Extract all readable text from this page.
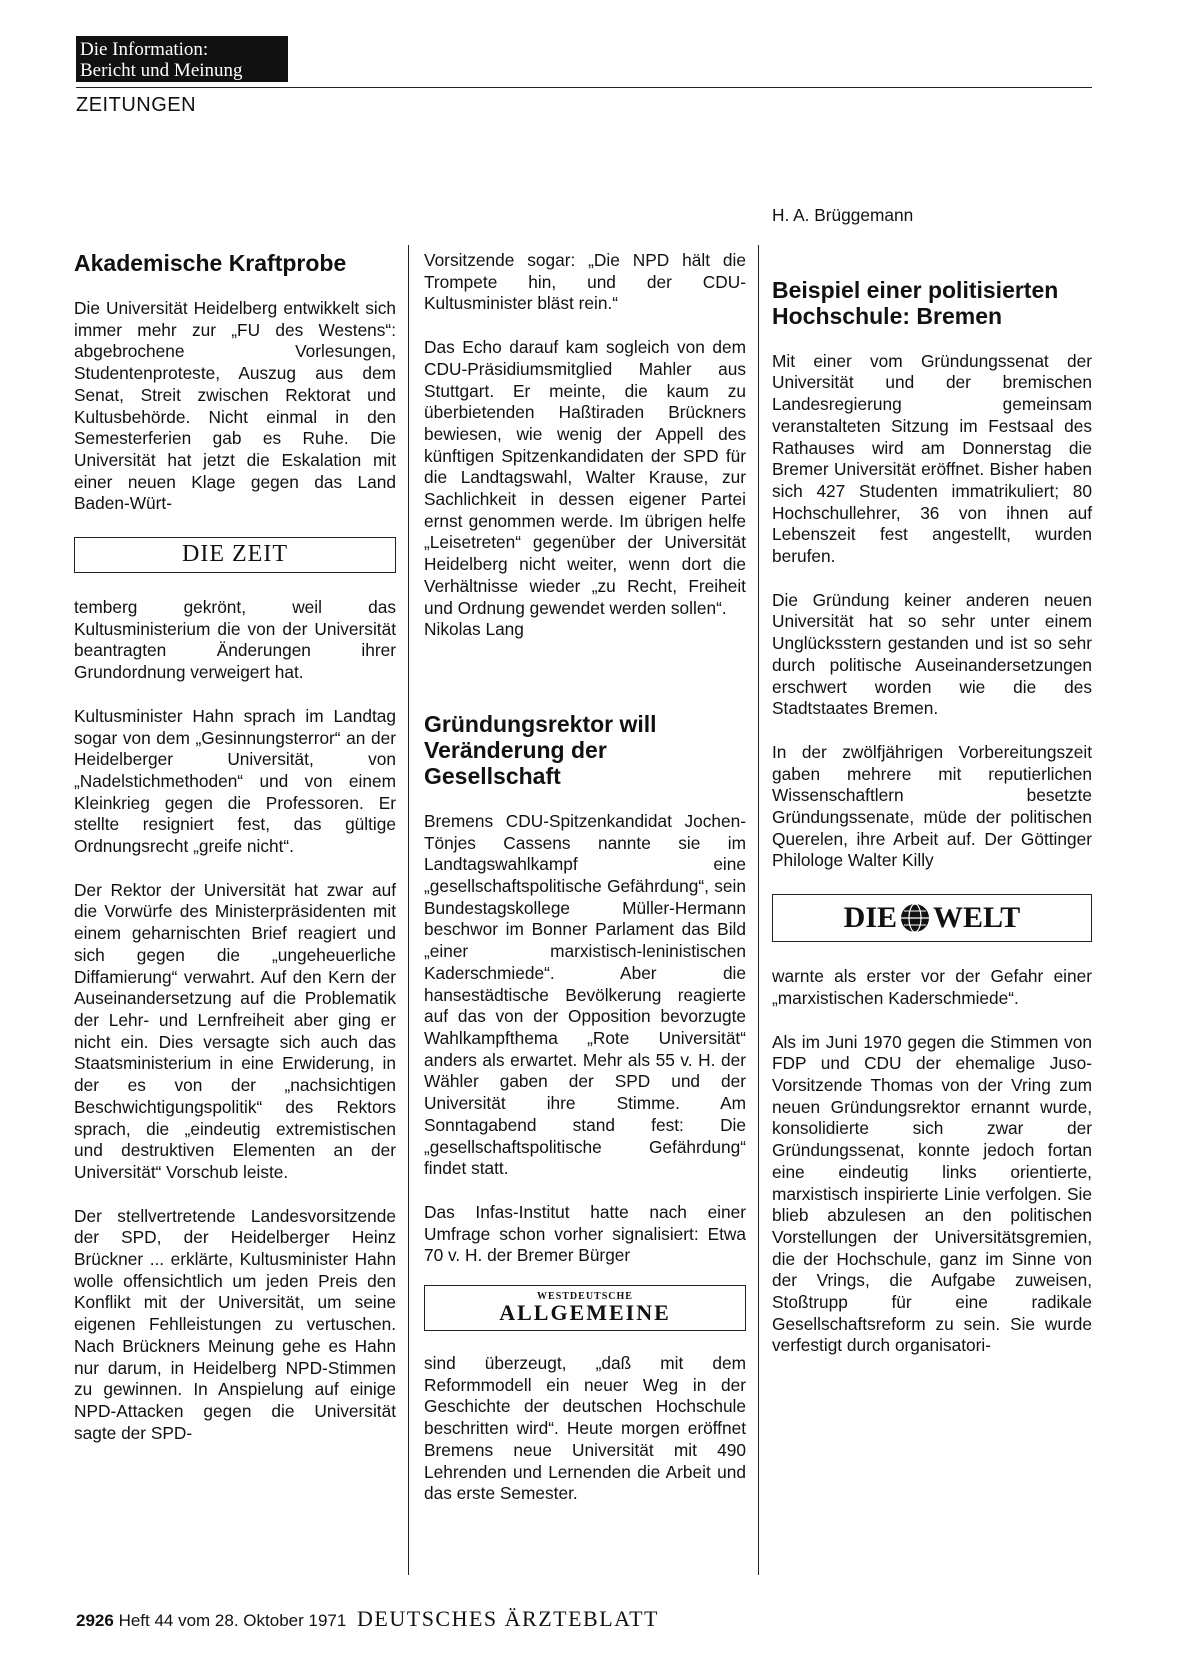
Die Information:
Bericht und Meinung
ZEITUNGEN
Akademische Kraftprobe

Die Universität Heidelberg entwikkelt sich immer mehr zur „FU des Westens“: abgebrochene Vorlesungen, Studentenproteste, Auszug aus dem Senat, Streit zwischen Rektorat und Kultusbehörde. Nicht einmal in den Semesterferien gab es Ruhe. Die Universität hat jetzt die Eskalation mit einer neuen Klage gegen das Land Baden-Würt-

DIE ZEIT

temberg gekrönt, weil das Kultusministerium die von der Universität beantragten Änderungen ihrer Grundordnung verweigert hat.

Kultusminister Hahn sprach im Landtag sogar von dem „Gesinnungsterror“ an der Heidelberger Universität, von „Nadelstichmethoden“ und von einem Kleinkrieg gegen die Professoren. Er stellte resigniert fest, das gültige Ordnungsrecht „greife nicht“.

Der Rektor der Universität hat zwar auf die Vorwürfe des Ministerpräsidenten mit einem geharnischten Brief reagiert und sich gegen die „ungeheuerliche Diffamierung“ verwahrt. Auf den Kern der Auseinandersetzung auf die Problematik der Lehr- und Lernfreiheit aber ging er nicht ein. Dies versagte sich auch das Staatsministerium in eine Erwiderung, in der es von der „nachsichtigen Beschwichtigungspolitik“ des Rektors sprach, die „eindeutig extremistischen und destruktiven Elementen an der Universität“ Vorschub leiste.

Der stellvertretende Landesvorsitzende der SPD, der Heidelberger Heinz Brückner ... erklärte, Kultusminister Hahn wolle offensichtlich um jeden Preis den Konflikt mit der Universität, um seine eigenen Fehlleistungen zu vertuschen. Nach Brückners Meinung gehe es Hahn nur darum, in Heidelberg NPD-Stimmen zu gewinnen. In Anspielung auf einige NPD-Attacken gegen die Universität sagte der SPD-

Vorsitzende sogar: „Die NPD hält die Trompete hin, und der CDU-Kultusminister bläst rein.“

Das Echo darauf kam sogleich von dem CDU-Präsidiumsmitglied Mahler aus Stuttgart. Er meinte, die kaum zu überbietenden Haßtiraden Brückners bewiesen, wie wenig der Appell des künftigen Spitzenkandidaten der SPD für die Landtagswahl, Walter Krause, zur Sachlichkeit in dessen eigener Partei ernst genommen werde. Im übrigen helfe „Leisetreten“ gegenüber der Universität Heidelberg nicht weiter, wenn dort die Verhältnisse wieder „zu Recht, Freiheit und Ordnung gewendet werden sollen“.

Nikolas Lang

Gründungsrektor will Veränderung der Gesellschaft

Bremens CDU-Spitzenkandidat Jochen-Tönjes Cassens nannte sie im Landtagswahlkampf eine „gesellschaftspolitische Gefährdung“, sein Bundestagskollege Müller-Hermann beschwor im Bonner Parlament das Bild „einer marxistisch-leninistischen Kaderschmiede“. Aber die hansestädtische Bevölkerung reagierte auf das von der Opposition bevorzugte Wahlkampfthema „Rote Universität“ anders als erwartet. Mehr als 55 v. H. der Wähler gaben der SPD und der Universität ihre Stimme. Am Sonntagabend stand fest: Die „gesellschaftspolitische Gefährdung“ findet statt.

Das Infas-Institut hatte nach einer Umfrage schon vorher signalisiert: Etwa 70 v. H. der Bremer Bürger

WESTDEUTSCHE
ALLGEMEINE

sind überzeugt, „daß mit dem Reformmodell ein neuer Weg in der Geschichte der deutschen Hochschule beschritten wird“. Heute morgen eröffnet Bremens neue Universität mit 490 Lehrenden und Lernenden die Arbeit und das erste Semester.

H. A. Brüggemann

Beispiel einer politisierten Hochschule: Bremen

Mit einer vom Gründungssenat der Universität und der bremischen Landesregierung gemeinsam veranstalteten Sitzung im Festsaal des Rathauses wird am Donnerstag die Bremer Universität eröffnet. Bisher haben sich 427 Studenten immatrikuliert; 80 Hochschullehrer, 36 von ihnen auf Lebenszeit fest angestellt, wurden berufen.

Die Gründung keiner anderen neuen Universität hat so sehr unter einem Unglücksstern gestanden und ist so sehr durch politische Auseinandersetzungen erschwert worden wie die des Stadtstaates Bremen.

In der zwölfjährigen Vorbereitungszeit gaben mehrere mit reputierlichen Wissenschaftlern besetzte Gründungssenate, müde der politischen Querelen, ihre Arbeit auf. Der Göttinger Philologe Walter Killy

DIE WELT

warnte als erster vor der Gefahr einer „marxistischen Kaderschmiede“.

Als im Juni 1970 gegen die Stimmen von FDP und CDU der ehemalige Juso-Vorsitzende Thomas von der Vring zum neuen Gründungsrektor ernannt wurde, konsolidierte sich zwar der Gründungssenat, konnte jedoch fortan eine eindeutig links orientierte, marxistisch inspirierte Linie verfolgen. Sie blieb abzulesen an den politischen Vorstellungen der Universitätsgremien, die der Hochschule, ganz im Sinne von der Vrings, die Aufgabe zuweisen, Stoßtrupp für eine radikale Gesellschaftsreform zu sein. Sie wurde verfestigt durch organisatori-

2926 Heft 44 vom 28. Oktober 1971 DEUTSCHES ÄRZTEBLATT
